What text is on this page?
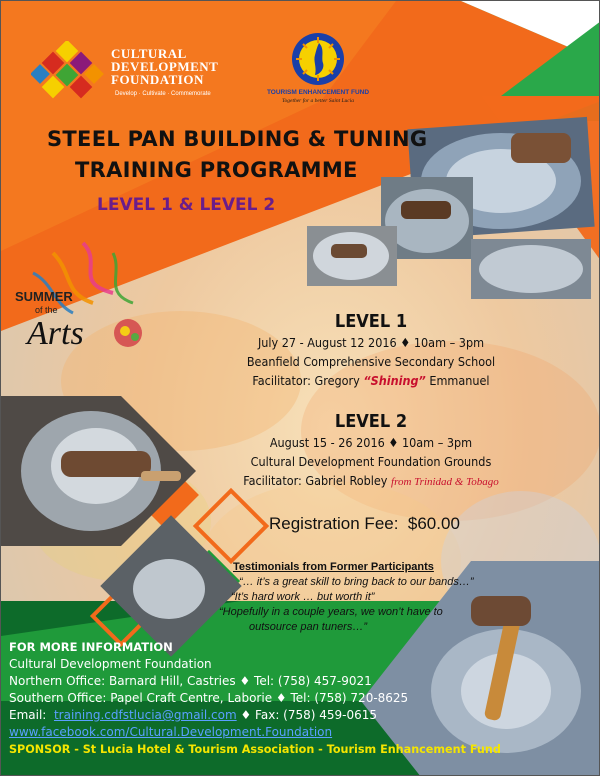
CULTURAL
DEVELOPMENT
FOUNDATION
Develop · Cultivate · Commemorate	TOURISM ENHANCEMENT FUND
Together for a better Saint Lucia
STEEL PAN BUILDING & TUNING
TRAINING PROGRAMME
LEVEL 1 & LEVEL 2
SUMMER
of the
Arts	LEVEL 1
July 27 - August 12 2016 ♦ 10am – 3pm
Beanfield Comprehensive Secondary School
Facilitator: Gregory “Shining” Emmanuel
LEVEL 2
August 15 - 26 2016 ♦ 10am – 3pm
Cultural Development Foundation Grounds
Facilitator: Gabriel Robley from Trinidad & Tobago
Registration Fee:  $60.00
Testimonials from Former Participants
“… it’s a great skill to bring back to our bands…”
“It’s hard work … but worth it”
“Hopefully in a couple years, we won’t have to
outsource pan tuners…”
FOR MORE INFORMATION
Cultural Development Foundation
Northern Office: Barnard Hill, Castries ♦ Tel: (758) 457-9021
Southern Office: Papel Craft Centre, Laborie ♦ Tel: (758) 720-8625
Email:  training.cdfstlucia@gmail.com ♦ Fax: (758) 459-0615
www.facebook.com/Cultural.Development.Foundation
SPONSOR - St Lucia Hotel & Tourism Association - Tourism Enhancement Fund
